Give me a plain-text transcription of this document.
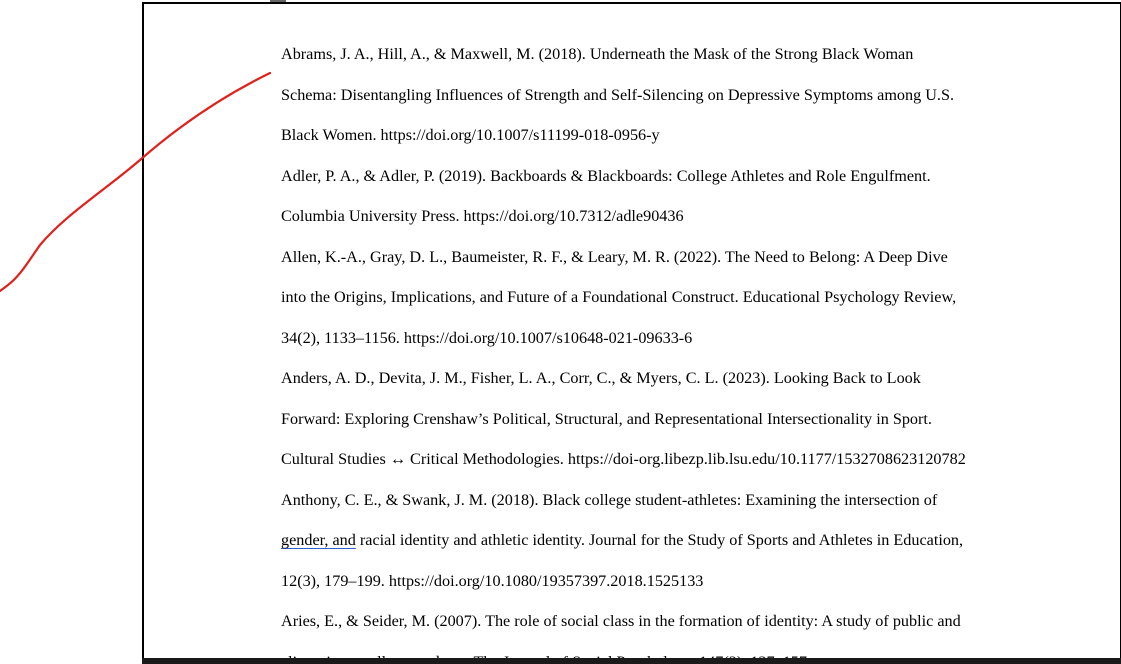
Abrams, J. A., Hill, A., & Maxwell, M. (2018). Underneath the Mask of the Strong Black Woman
Schema: Disentangling Influences of Strength and Self-Silencing on Depressive Symptoms among U.S.
Black Women. https://doi.org/10.1007/s11199-018-0956-y
Adler, P. A., & Adler, P. (2019). Backboards & Blackboards: College Athletes and Role Engulfment.
Columbia University Press. https://doi.org/10.7312/adle90436
Allen, K.-A., Gray, D. L., Baumeister, R. F., & Leary, M. R. (2022). The Need to Belong: A Deep Dive
into the Origins, Implications, and Future of a Foundational Construct. Educational Psychology Review,
34(2), 1133–1156. https://doi.org/10.1007/s10648-021-09633-6
Anders, A. D., Devita, J. M., Fisher, L. A., Corr, C., & Myers, C. L. (2023). Looking Back to Look
Forward: Exploring Crenshaw’s Political, Structural, and Representational Intersectionality in Sport.
Cultural Studies ↔ Critical Methodologies. https://doi-org.libezp.lib.lsu.edu/10.1177/1532708623120782
Anthony, C. E., & Swank, J. M. (2018). Black college student-athletes: Examining the intersection of
gender, and racial identity and athletic identity. Journal for the Study of Sports and Athletes in Education,
12(3), 179–199. https://doi.org/10.1080/19357397.2018.1525133
Aries, E., & Seider, M. (2007). The role of social class in the formation of identity: A study of public and
